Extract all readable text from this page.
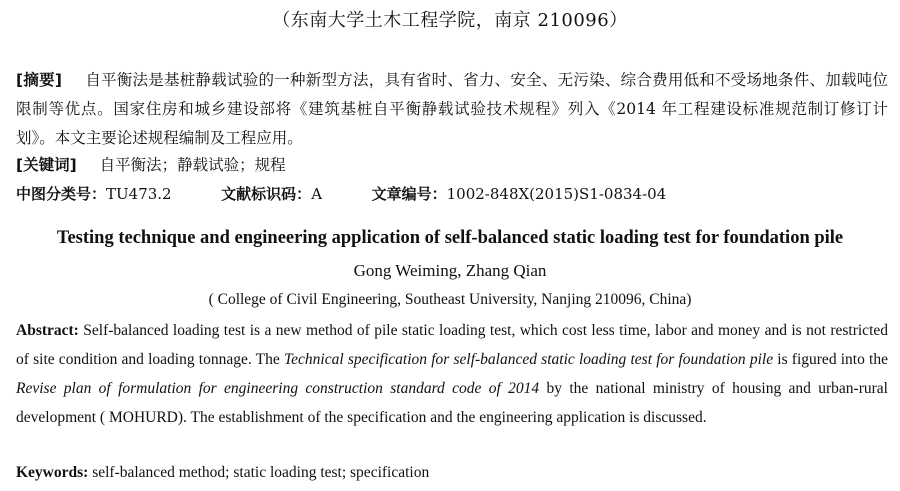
（东南大学土木工程学院，南京 210096）
[摘要] 自平衡法是基桩静载试验的一种新型方法，具有省时、省力、安全、无污染、综合费用低和不受场地条件、加载吨位限制等优点。国家住房和城乡建设部将《建筑基桩自平衡静载试验技术规程》列入《2014 年工程建设标准规范制订修订计划》。本文主要论述规程编制及工程应用。
[关键词] 自平衡法；静载试验；规程
中图分类号：TU473.2	文献标识码：A	文章编号：1002-848X(2015)S1-0834-04
Testing technique and engineering application of self-balanced static loading test for foundation pile
Gong Weiming, Zhang Qian
( College of Civil Engineering, Southeast University, Nanjing 210096, China)
Abstract: Self-balanced loading test is a new method of pile static loading test, which cost less time, labor and money and is not restricted of site condition and loading tonnage. The Technical specification for self-balanced static loading test for foundation pile is figured into the Revise plan of formulation for engineering construction standard code of 2014 by the national ministry of housing and urban-rural development ( MOHURD). The establishment of the specification and the engineering application is discussed.
Keywords: self-balanced method; static loading test; specification
